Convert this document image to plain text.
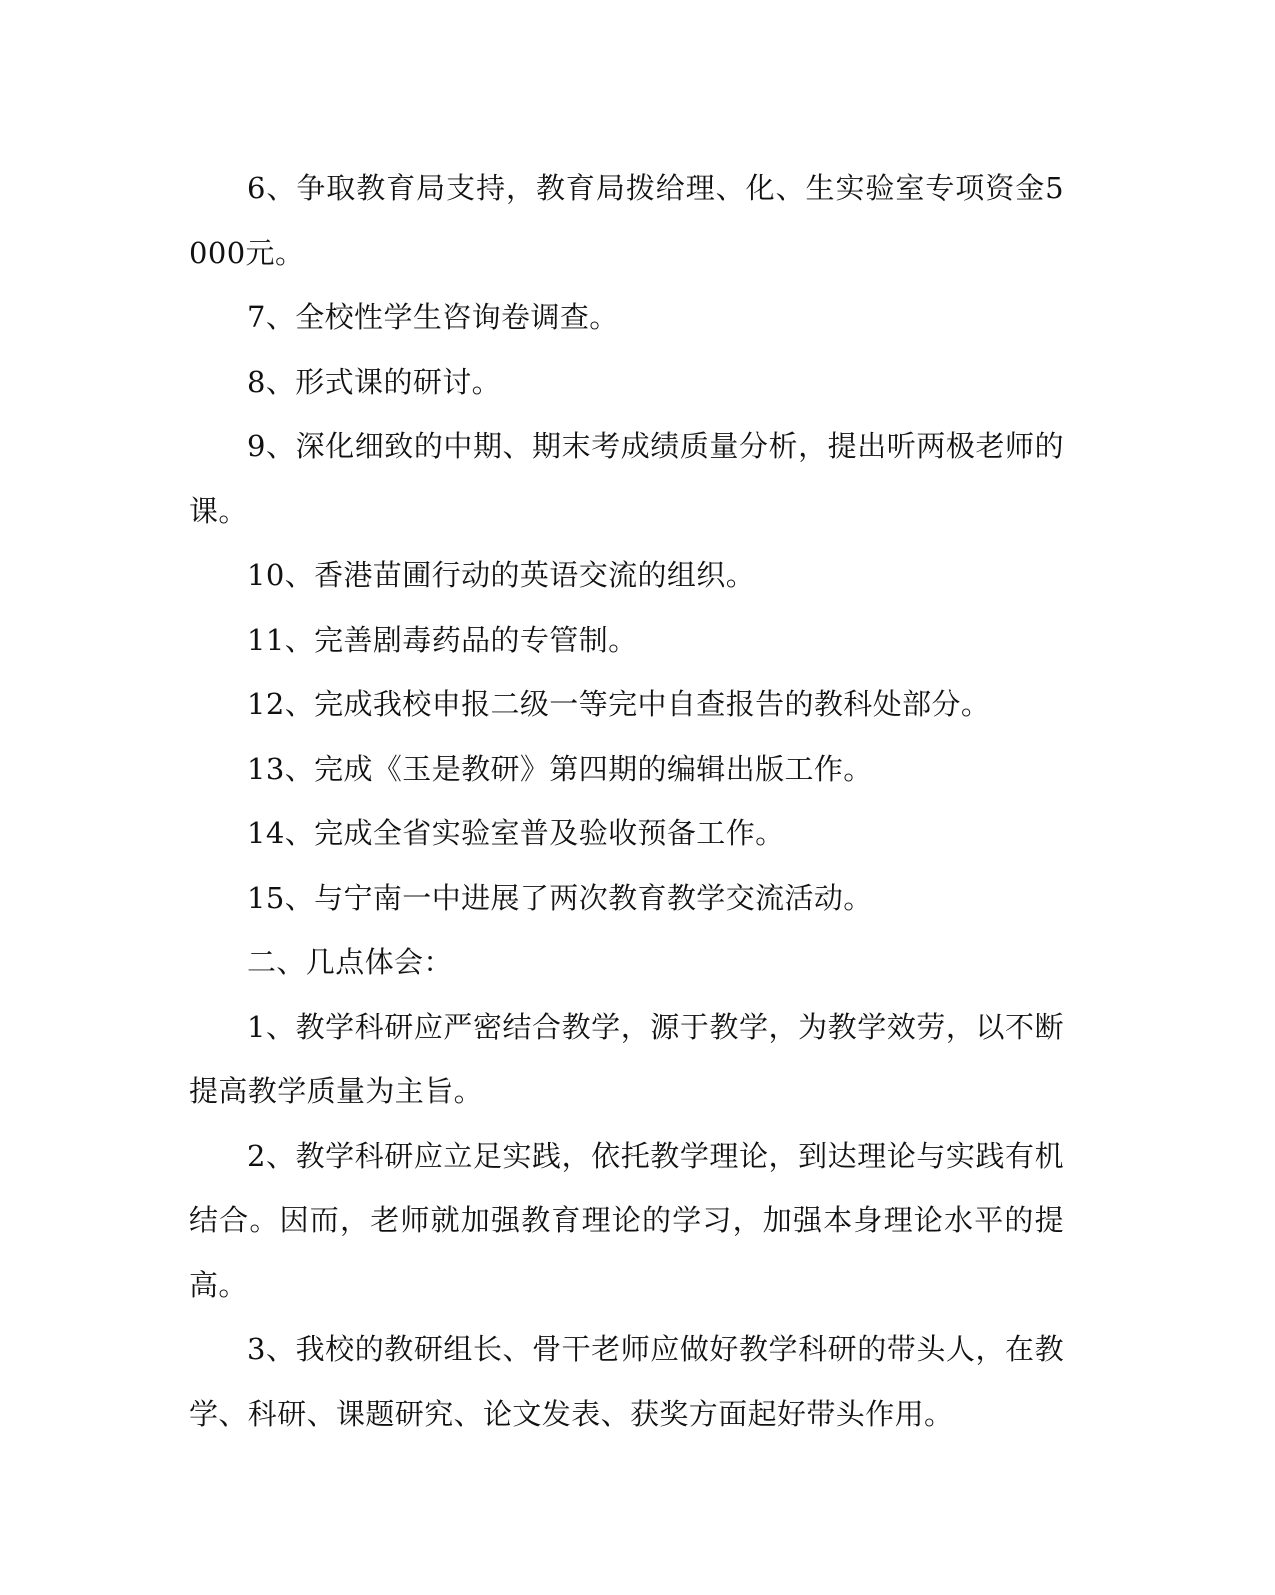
6、争取教育局支持，教育局拨给理、化、生实验室专项资金5000元。

7、全校性学生咨询卷调查。

8、形式课的研讨。

9、深化细致的中期、期末考成绩质量分析，提出听两极老师的课。

10、香港苗圃行动的英语交流的组织。

11、完善剧毒药品的专管制。

12、完成我校申报二级一等完中自查报告的教科处部分。

13、完成《玉是教研》第四期的编辑出版工作。

14、完成全省实验室普及验收预备工作。

15、与宁南一中进展了两次教育教学交流活动。

二、几点体会：

1、教学科研应严密结合教学，源于教学，为教学效劳，以不断提高教学质量为主旨。

2、教学科研应立足实践，依托教学理论，到达理论与实践有机结合。因而，老师就加强教育理论的学习，加强本身理论水平的提高。

3、我校的教研组长、骨干老师应做好教学科研的带头人，在教学、科研、课题研究、论文发表、获奖方面起好带头作用。
